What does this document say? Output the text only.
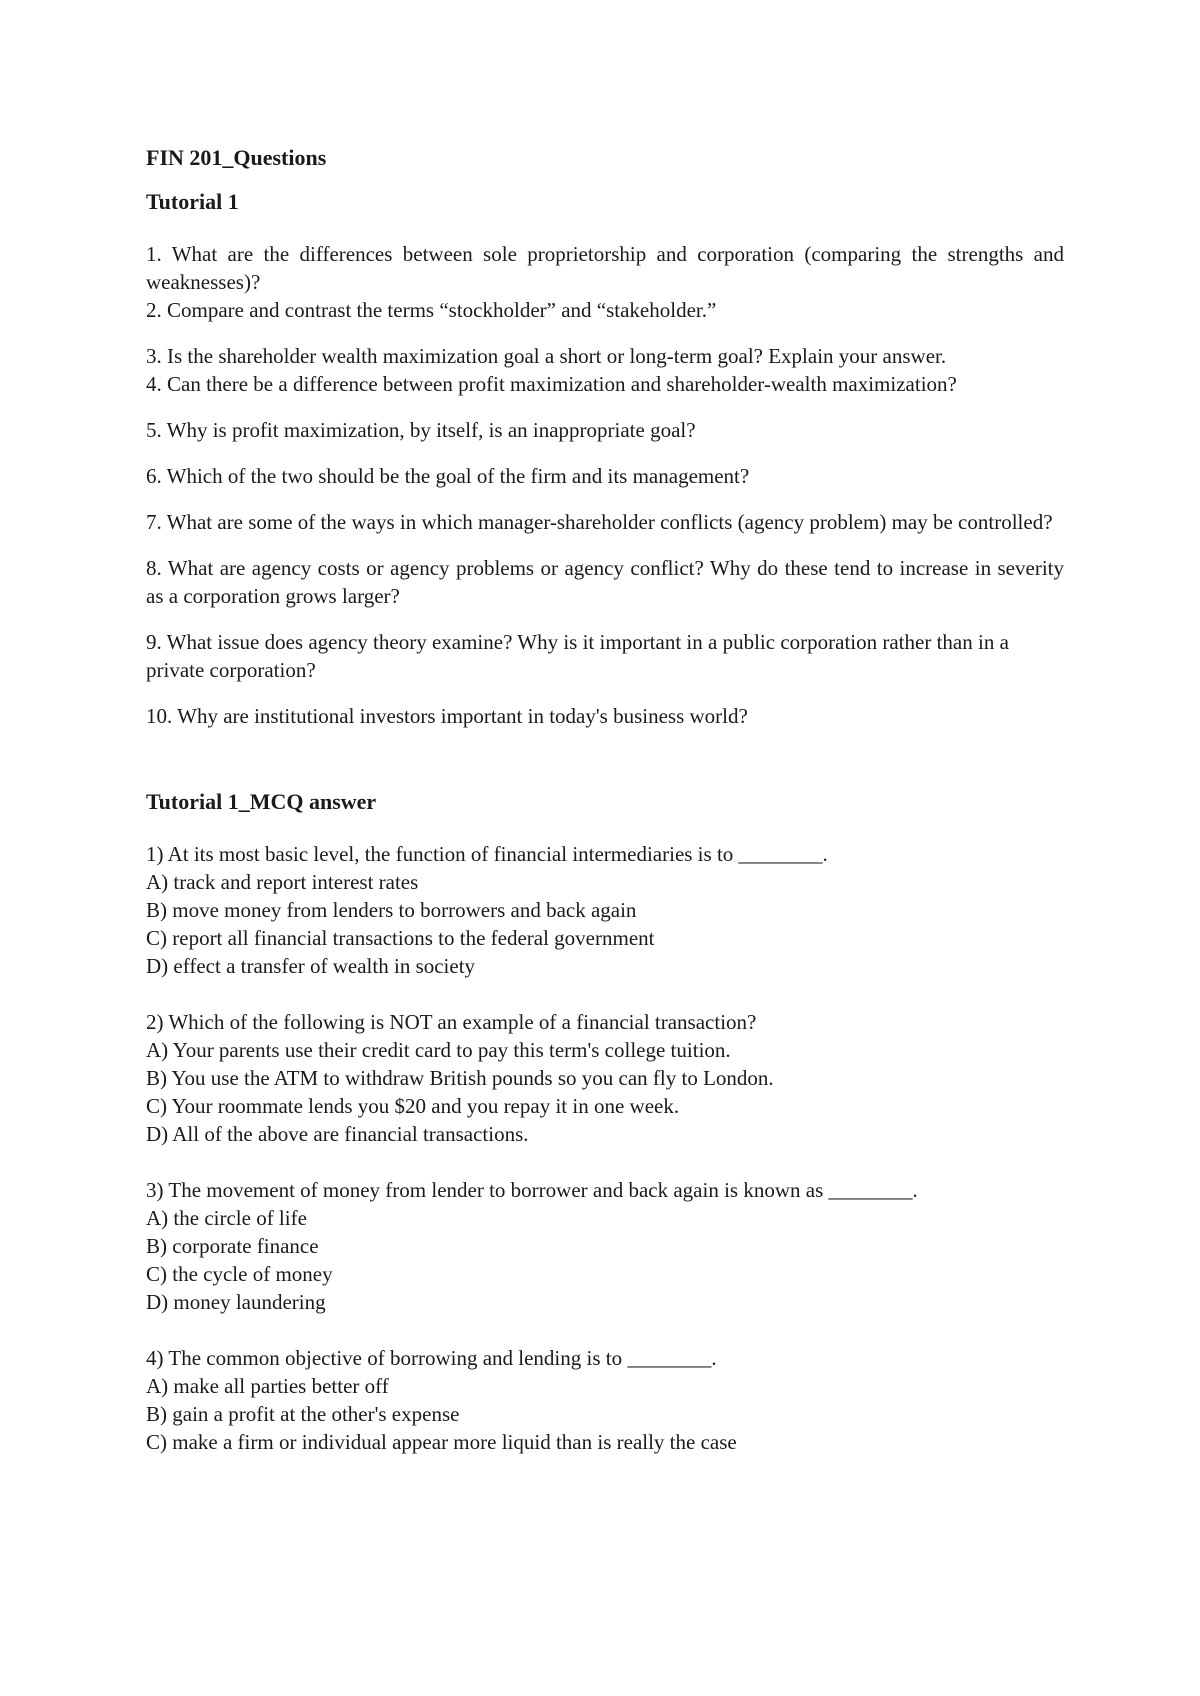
FIN 201_Questions

Tutorial 1

1. What are the differences between sole proprietorship and corporation (comparing the strengths and weaknesses)?

2. Compare and contrast the terms “stockholder” and “stakeholder.”

3. Is the shareholder wealth maximization goal a short or long-term goal? Explain your answer.

4. Can there be a difference between profit maximization and shareholder-wealth maximization?

5. Why is profit maximization, by itself, is an inappropriate goal?

6. Which of the two should be the goal of the firm and its management?

7. What are some of the ways in which manager-shareholder conflicts (agency problem) may be controlled?

8. What are agency costs or agency problems or agency conflict? Why do these tend to increase in severity as a corporation grows larger?

9. What issue does agency theory examine? Why is it important in a public corporation rather than in a private corporation?

10. Why are institutional investors important in today's business world?

Tutorial 1_MCQ answer

1) At its most basic level, the function of financial intermediaries is to ________.

A) track and report interest rates

B) move money from lenders to borrowers and back again

C) report all financial transactions to the federal government

D) effect a transfer of wealth in society

2) Which of the following is NOT an example of a financial transaction?

A) Your parents use their credit card to pay this term's college tuition.

B) You use the ATM to withdraw British pounds so you can fly to London.

C) Your roommate lends you $20 and you repay it in one week.

D) All of the above are financial transactions.

3) The movement of money from lender to borrower and back again is known as ________.

A) the circle of life

B) corporate finance

C) the cycle of money

D) money laundering

4) The common objective of borrowing and lending is to ________.

A) make all parties better off

B) gain a profit at the other's expense

C) make a firm or individual appear more liquid than is really the case
